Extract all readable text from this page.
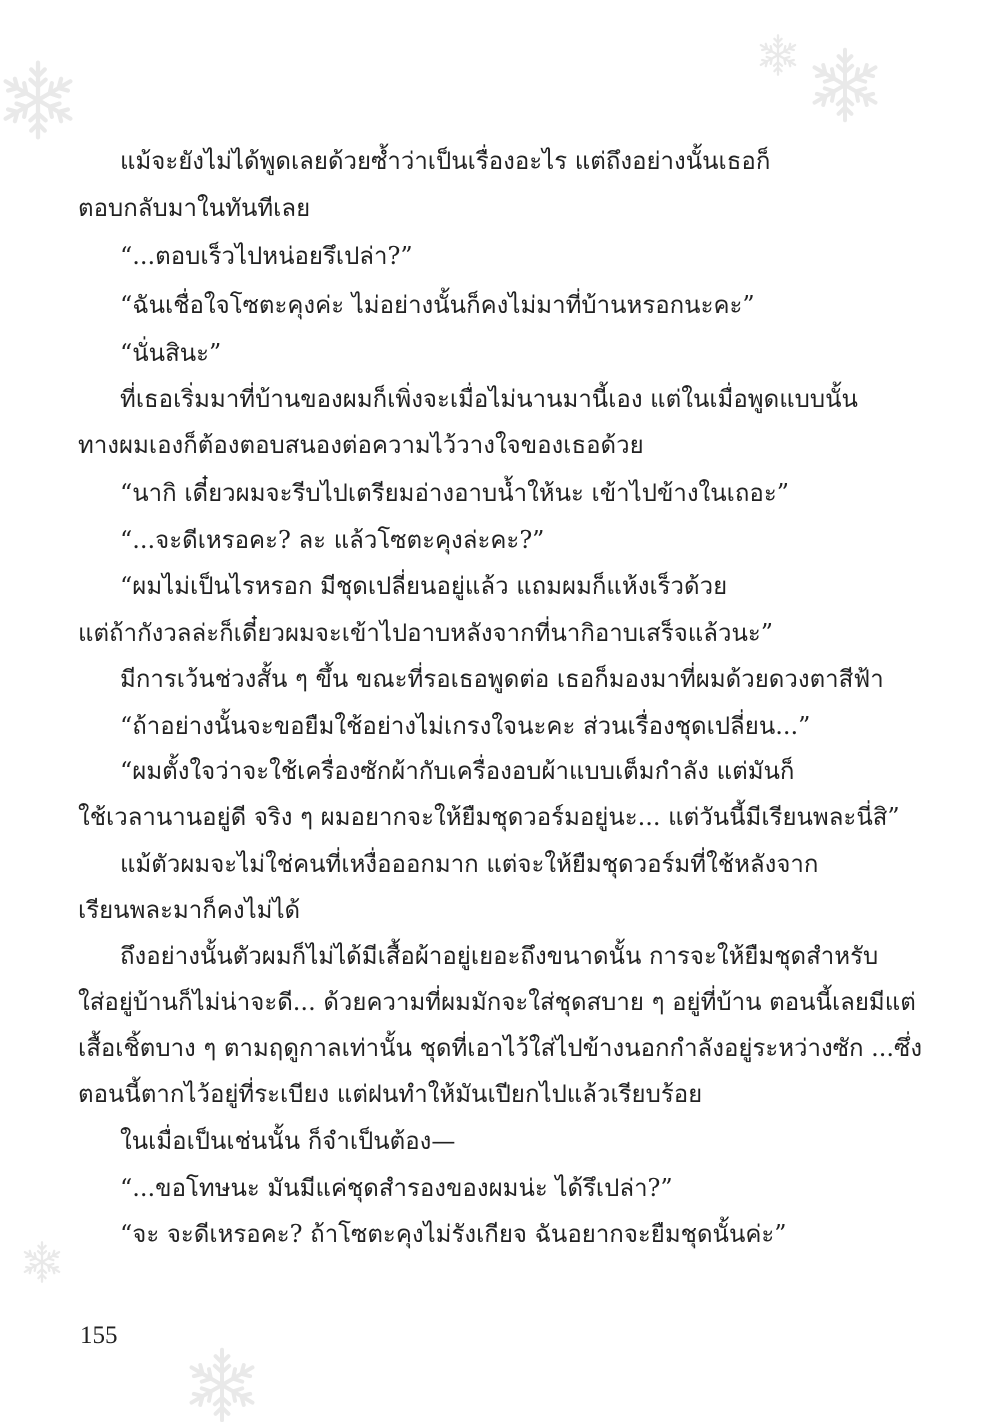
แม้จะยังไม่ได้พูดเลยด้วยซ้ำว่าเป็นเรื่องอะไร แต่ถึงอย่างนั้นเธอก็
ตอบกลับมาในทันทีเลย
“...ตอบเร็วไปหน่อยรึเปล่า?”
“ฉันเชื่อใจโซตะคุงค่ะ ไม่อย่างนั้นก็คงไม่มาที่บ้านหรอกนะคะ”
“นั่นสินะ”
ที่เธอเริ่มมาที่บ้านของผมก็เพิ่งจะเมื่อไม่นานมานี้เอง แต่ในเมื่อพูดแบบนั้น
ทางผมเองก็ต้องตอบสนองต่อความไว้วางใจของเธอด้วย
“นากิ เดี๋ยวผมจะรีบไปเตรียมอ่างอาบน้ำให้นะ เข้าไปข้างในเถอะ”
“...จะดีเหรอคะ? ละ แล้วโซตะคุงล่ะคะ?”
“ผมไม่เป็นไรหรอก มีชุดเปลี่ยนอยู่แล้ว แถมผมก็แห้งเร็วด้วย
แต่ถ้ากังวลล่ะก็เดี๋ยวผมจะเข้าไปอาบหลังจากที่นากิอาบเสร็จแล้วนะ”
มีการเว้นช่วงสั้น ๆ ขึ้น ขณะที่รอเธอพูดต่อ เธอก็มองมาที่ผมด้วยดวงตาสีฟ้า
“ถ้าอย่างนั้นจะขอยืมใช้อย่างไม่เกรงใจนะคะ ส่วนเรื่องชุดเปลี่ยน...”
“ผมตั้งใจว่าจะใช้เครื่องซักผ้ากับเครื่องอบผ้าแบบเต็มกำลัง แต่มันก็
ใช้เวลานานอยู่ดี จริง ๆ ผมอยากจะให้ยืมชุดวอร์มอยู่นะ... แต่วันนี้มีเรียนพละนี่สิ”
แม้ตัวผมจะไม่ใช่คนที่เหงื่อออกมาก แต่จะให้ยืมชุดวอร์มที่ใช้หลังจาก
เรียนพละมาก็คงไม่ได้
ถึงอย่างนั้นตัวผมก็ไม่ได้มีเสื้อผ้าอยู่เยอะถึงขนาดนั้น การจะให้ยืมชุดสำหรับ
ใส่อยู่บ้านก็ไม่น่าจะดี... ด้วยความที่ผมมักจะใส่ชุดสบาย ๆ อยู่ที่บ้าน ตอนนี้เลยมีแต่
เสื้อเชิ้ตบาง ๆ ตามฤดูกาลเท่านั้น ชุดที่เอาไว้ใส่ไปข้างนอกกำลังอยู่ระหว่างซัก ...ซึ่ง
ตอนนี้ตากไว้อยู่ที่ระเบียง แต่ฝนทำให้มันเปียกไปแล้วเรียบร้อย
ในเมื่อเป็นเช่นนั้น ก็จำเป็นต้อง—
“...ขอโทษนะ มันมีแค่ชุดสำรองของผมน่ะ ได้รึเปล่า?”
“จะ จะดีเหรอคะ? ถ้าโซตะคุงไม่รังเกียจ ฉันอยากจะยืมชุดนั้นค่ะ”
155
